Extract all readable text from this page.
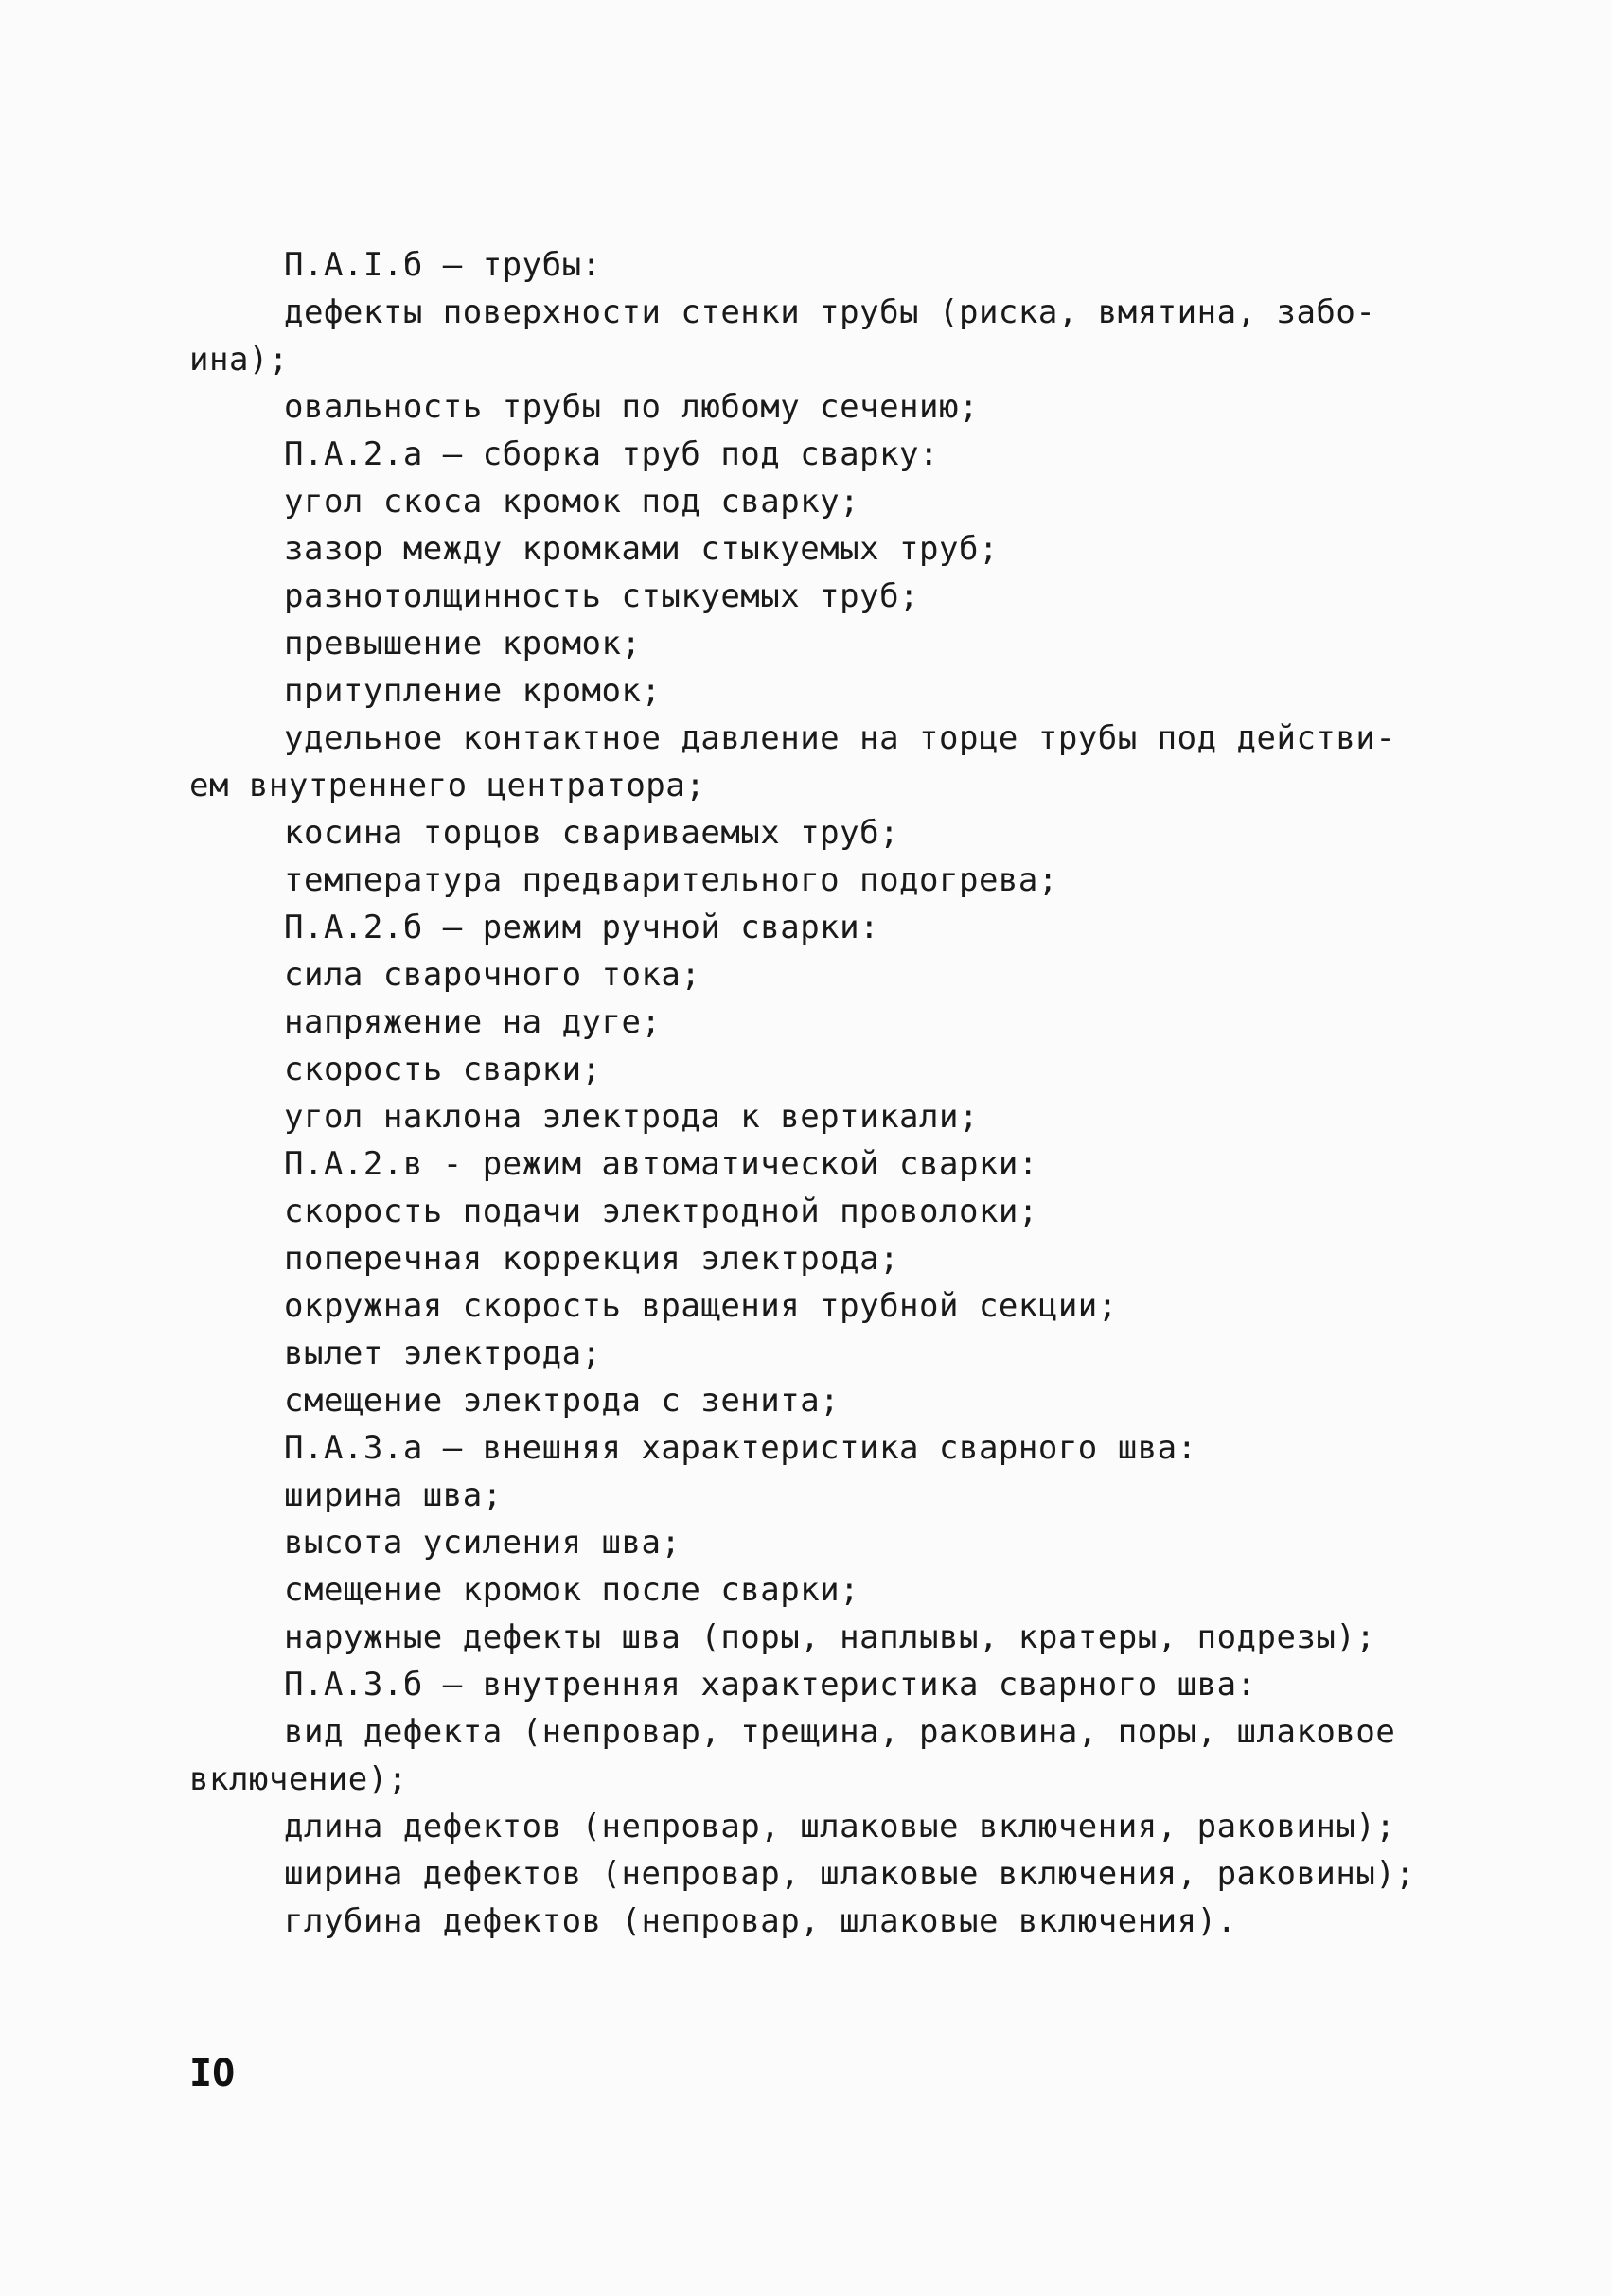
П.А.I.б – трубы:
дефекты поверхности стенки трубы (риска, вмятина, забо-
ина);
овальность трубы по любому сечению;
П.А.2.а – сборка труб под сварку:
угол скоса кромок под сварку;
зазор между кромками стыкуемых труб;
разнотолщинность стыкуемых труб;
превышение кромок;
притупление кромок;
удельное контактное давление на торце трубы под действи-
ем внутреннего центратора;
косина торцов свариваемых труб;
температура предварительного подогрева;
П.А.2.б – режим ручной сварки:
сила сварочного тока;
напряжение на дуге;
скорость сварки;
угол наклона электрода к вертикали;
П.А.2.в - режим автоматической сварки:
скорость подачи электродной проволоки;
поперечная коррекция электрода;
окружная скорость вращения трубной секции;
вылет электрода;
смещение электрода с зенита;
П.А.3.а – внешняя характеристика сварного шва:
ширина шва;
высота усиления шва;
смещение кромок после сварки;
наружные дефекты шва (поры, наплывы, кратеры, подрезы);
П.А.3.б – внутренняя характеристика сварного шва:
вид дефекта (непровар, трещина, раковина, поры, шлаковое
включение);
длина дефектов (непровар, шлаковые включения, раковины);
ширина дефектов (непровар, шлаковые включения, раковины);
глубина дефектов (непровар, шлаковые включения).
IO
